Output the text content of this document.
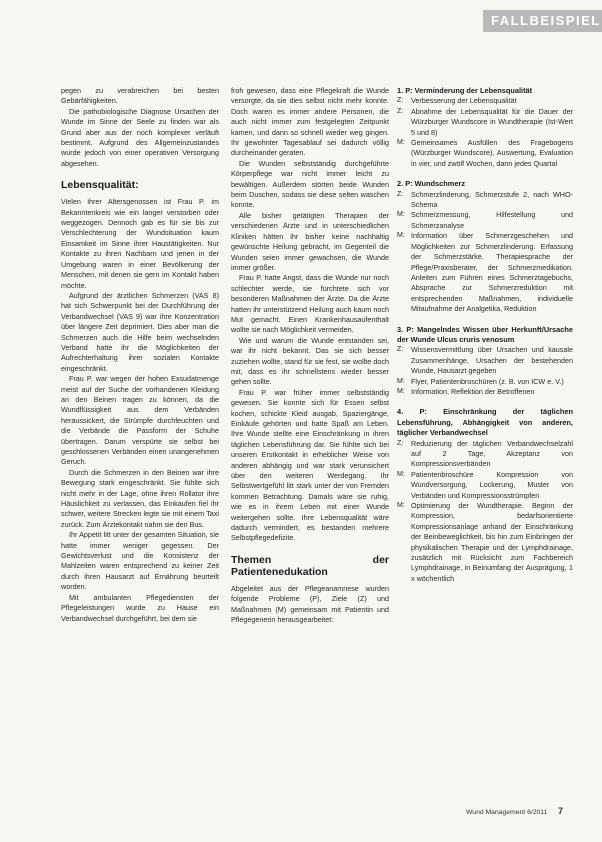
FALLBEISPIEL

pegen zu verabreichen bei besten Gebärfähigkeiten.

Die pathobiologische Diagnose Ursachen der Wunde im Sinne der Seele zu finden war als Grund aber aus der noch komplexer verläuft bestimmt, Aufgrund des Allgemeinzustandes wurde jedoch von einer operativen Versorgung abgesehen.

Lebensqualität:

Vielen ihrer Altersgenossen ist Frau P. im Bekanntenkreis wie ein langer verstorben oder weggezogen. Dennoch gab es für sie bis zur Verschlechterung der Wundsituation kaum Einsamkeit im Sinne ihrer Haustätigkeiten. Nur Kontakte zu ihren Nachbarn und jenen in der Umgebung waren in einer Bevölkerung der Menschen, mit denen sie gern im Kontakt haben möchte.

Aufgrund der ärztlichen Schmerzen (VAS 8) hat sich Schwerpunkt bei der Durchführung der Verbandwechsel (VAS 9) war ihre Konzentration über längere Zeit deprimiert. Dies aber man die Schmerzen auch die Hilfe beim wechselnden Verband hatte ihr die Möglichkeiten der Aufrechterhaltung ihrer sozialen Kontakte eingeschränkt.

Frau P. war wegen der hohen Exsudatmenge meist auf der Suche der vorhandenen Kleidung an den Beinen tragen zu können, da die Wundflüssigkeit aus dem Verbänden heraussickert, die Strümpfe durchfeuchten und die Verbände die Passform der Schuhe übertragen. Darum verspürte sie selbst bei geschlossenen Verbänden einen unangenehmen Geruch.

Durch die Schmerzen in den Beinen war ihre Bewegung stark eingeschränkt. Sie fühlte sich nicht mehr in der Lage, ohne ihren Rollator ihre Häuslichkeit zu verlassen, das Einkaufen fiel ihr schwer, weitere Strecken legte sie mit einem Taxi zurück. Zum Ärztekontakt nahm sie den Bus.

Ihr Appetit litt unter der gesamten Situation, sie hatte immer weniger gegessen. Der Gewichtsverlust und die Konsistenz der Mahlzeiten waren entsprechend zu keiner Zeit durch ihren Hausarzt auf Ernährung beurteilt worden.

Mit ambulanten Pflegediensten der Pflegeleistungen wurde zu Hause ein Verbandwechsel durchgeführt, bei dem sie

froh gewesen, dass eine Pflegekraft die Wunde versorgte, da sie dies selbst nicht mehr konnte. Doch waren es immer andere Personen, die auch nicht immer zum festgelegten Zeitpunkt kamen, und dann so schnell wieder weg gingen. Ihr gewohnter Tagesablauf sei dadurch völlig durcheinander geraten.

Die Wunden selbstständig durchgeführte Körperpflege war nicht immer leicht zu bewältigen. Außerdem störten beide Wunden beim Duschen, sodass sie diese selten waschen konnte.

Alle bisher getätigten Therapien der verschiedenen Ärzte und in unterschiedlichen Kliniken hätten ihr bisher keine nachhaltig gewünschte Heilung gebracht, im Gegenteil die Wunden seien immer gewachsen, die Wunde immer größer.

Frau P. hatte Angst, dass die Wunde nur noch schlechter werde, sie fürchtete sich vor besonderen Maßnahmen der Ärzte. Da die Ärzte hatten ihr unterstützend Heilung auch kaum noch Mut gemacht. Einen Krankenhausaufenthalt wollte sie nach Möglichkeit vermeiden.

Wie und warum die Wunde entstanden sei, war ihr nicht bekannt. Das sie sich besser zuziehen wollte, stand für sie fest, sie wollte doch mit, dass es ihr schnellstens wieder besser gehen sollte.

Frau P. war früher immer selbstständig gewesen. Sie konnte sich für Essen selbst kochen, schickte Kleid ausgab, Spaziergänge, Einkäufe gehörten und hatte Spaß am Leben. Ihre Wunde stellte eine Einschränkung in ihren täglichen Lebensführung dar. Sie fühlte sich bei unseren Erstkontakt in erheblicher Weise von anderen abhängig und war stark verunsichert über den weiteren Werdegang. Ihr Selbstwertgefühl litt stark unter der von Fremden kommen Betrachtung. Damals wäre sie ruhig, wie es in ihrem Leben mit einer Wunde weitergehen sollte. Ihre Lebensqualität wäre dadurch vermindert, es bestanden mehrere Selbstpflegedefizite.

Themen der Patientenedukation

Abgeleitet aus der Pflegeanamnese wurden folgende Probleme (P), Ziele (Z) und Maßnahmen (M) gemeinsam mit Patientin und Pflegegenerin herausgearbeitet:

1. P: Verminderung der Lebensqualität

Z:	Verbesserung der Lebensqualität
Z:	Abnahme der Lebensqualität für die Dauer der Würzburger Wundscore in Wundtherapie (Ist-Wert 5 und 8)
M: Gemeinsames Ausfüllen des Fragebogens (Würzburger Wundscore), Auswertung, Evaluation in vier, und zwölf Wochen, dann jedes Quartal

2. P: Wundschmerz

Z:	Schmerzlinderung, Schmerzstufe 2, nach WHO-Schema
M: Schmerzmessung, Hilfestellung und Schmerzanalyse
M: Information über Schmerzgeschehen und Möglichkeiten zur Schmerzlinderung. Erfassung der Schmerzstärke. Therapiesprache der Pflege/Praxisberater, der Schmerzmedikation. Anleiten zum Führen eines Schmerztagebuchs, Absprache zur Schmerzreduktion mit entsprechenden Maßnahmen, individuelle Mitaufnahme der Analgetika, Reduktion

3. P: Mangelndes Wissen über Herkunft/Ursache der Wunde Ulcus cruris venosum

Z:	Wissensvermittlung über Ursachen und kausale Zusammenhänge, Ursachen der bestehenden Wunde, Hausarzt gegeben
M: Flyer, Patientenbroschüren (z. B. von ICW e. V.)
M: Information, Reflektion der Betroffenen

4. P: Einschränkung der täglichen Lebensführung, Abhängigkeit von anderen, täglicher Verbandwechsel

Z:	Reduzierung der täglichen Verbandwechselzahl auf 2 Tage, Akzeptanz von Kompressionsverbänden
M: Patientenbroschüre Kompression von Wundversorgung, Lockerung, Muster von Verbänden und Kompressionsstrümpfen
M: Optimierung der Wundtherapie. Beginn der Kompression, bedarfsorientierte Kompressionsanlage anhand der Einschränkung der Beinbeweglichkeit, bis hin zum Einbringen der physikalischen Therapie und der Lymphdrainage, zusätzlich mit Rücksicht zum Fachbereich Lymphdrainage, in Beinumfang der Ausprägung, 1 x wöchentlich
Wund Management 6/2011	7
